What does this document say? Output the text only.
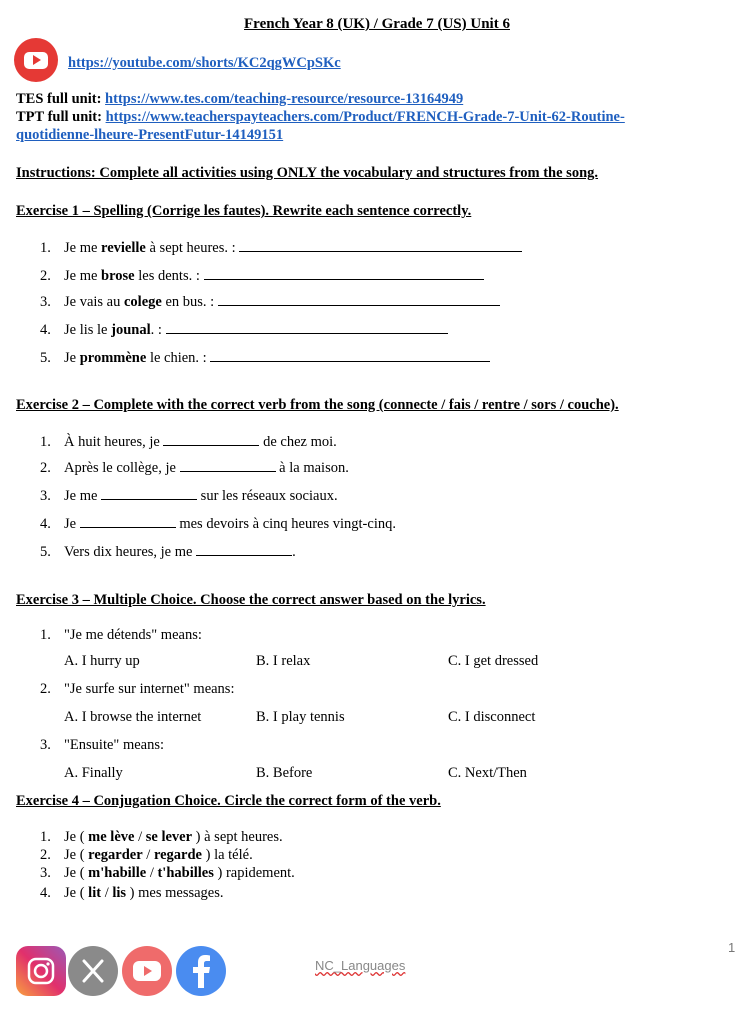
French Year 8 (UK) / Grade 7 (US) Unit 6
https://youtube.com/shorts/KC2qgWCpSKc
TES full unit: https://www.tes.com/teaching-resource/resource-13164949
TPT full unit: https://www.teacherspayteachers.com/Product/FRENCH-Grade-7-Unit-62-Routine-
quotidienne-lheure-PresentFutur-14149151
Instructions: Complete all activities using ONLY the vocabulary and structures from the song.
Exercise 1 – Spelling (Corrige les fautes). Rewrite each sentence correctly.
1. Je me revielle à sept heures. :
2. Je me brose les dents. :
3. Je vais au colege en bus. :
4. Je lis le jounal. :
5. Je prommène le chien. :
Exercise 2 – Complete with the correct verb from the song (connecte / fais / rentre / sors / couche).
1. À huit heures, je	de chez moi.
2. Après le collège, je	à la maison.
3. Je me	sur les réseaux sociaux.
4. Je	mes devoirs à cinq heures vingt-cinq.
5. Vers dix heures, je me	.
Exercise 3 – Multiple Choice. Choose the correct answer based on the lyrics.
1. "Je me détends" means:
A. I hurry up	B. I relax	C. I get dressed
2. "Je surfe sur internet" means:
A. I browse the internet	B. I play tennis	C. I disconnect
3. "Ensuite" means:
A. Finally	B. Before	C. Next/Then
Exercise 4 – Conjugation Choice. Circle the correct form of the verb.
1. Je ( me lève / se lever ) à sept heures.
2. Je ( regarder / regarde ) la télé.
3. Je ( m'habille / t'habilles ) rapidement.
4. Je ( lit / lis ) mes messages.
NC_Languages
1
